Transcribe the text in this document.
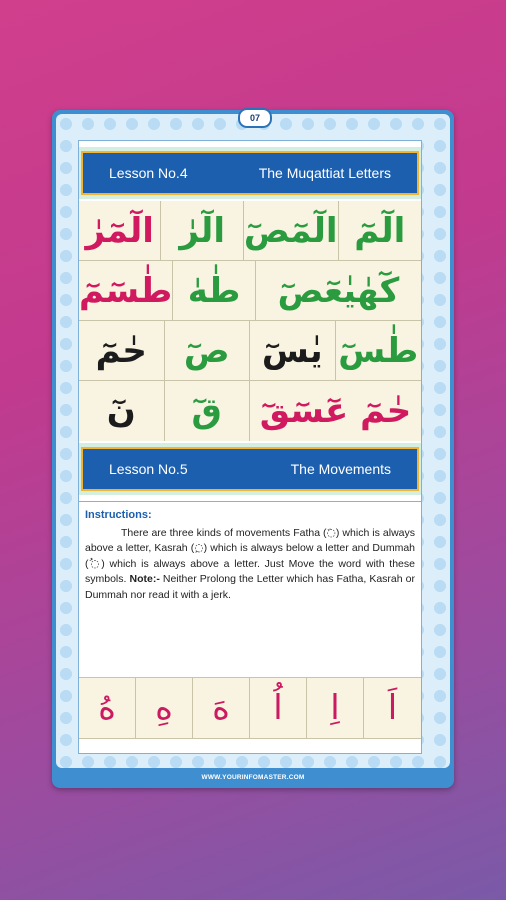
07
Lesson No.4	The Muqattiat Letters
الٓمٓرٰ الٓرٰ الٓمٓصٓ الٓمٓ
طٰسٓمٓ طٰهٰ	كٓهٰيٰعٓصٓ
حٰمٓ	صٓ يٰسٓ طٰسٓ
نٓ	قٓ	حٰمٓ عٓسٓقٓ
Lesson No.5	The Movements
Instructions:

There are three kinds of movements Fatha (◌َ) which is always above a letter, Kasrah (◌ِ) which is always below a letter and Dummah (◌ُ) which is always above a letter. Just Move the word with these symbols. Note:- Neither Prolong the Letter which has Fatha, Kasrah or Dummah nor read it with a jerk.

هُ	هِ	هَ	اُ	اِ	اَ
WWW.YOURINFOMASTER.COM
